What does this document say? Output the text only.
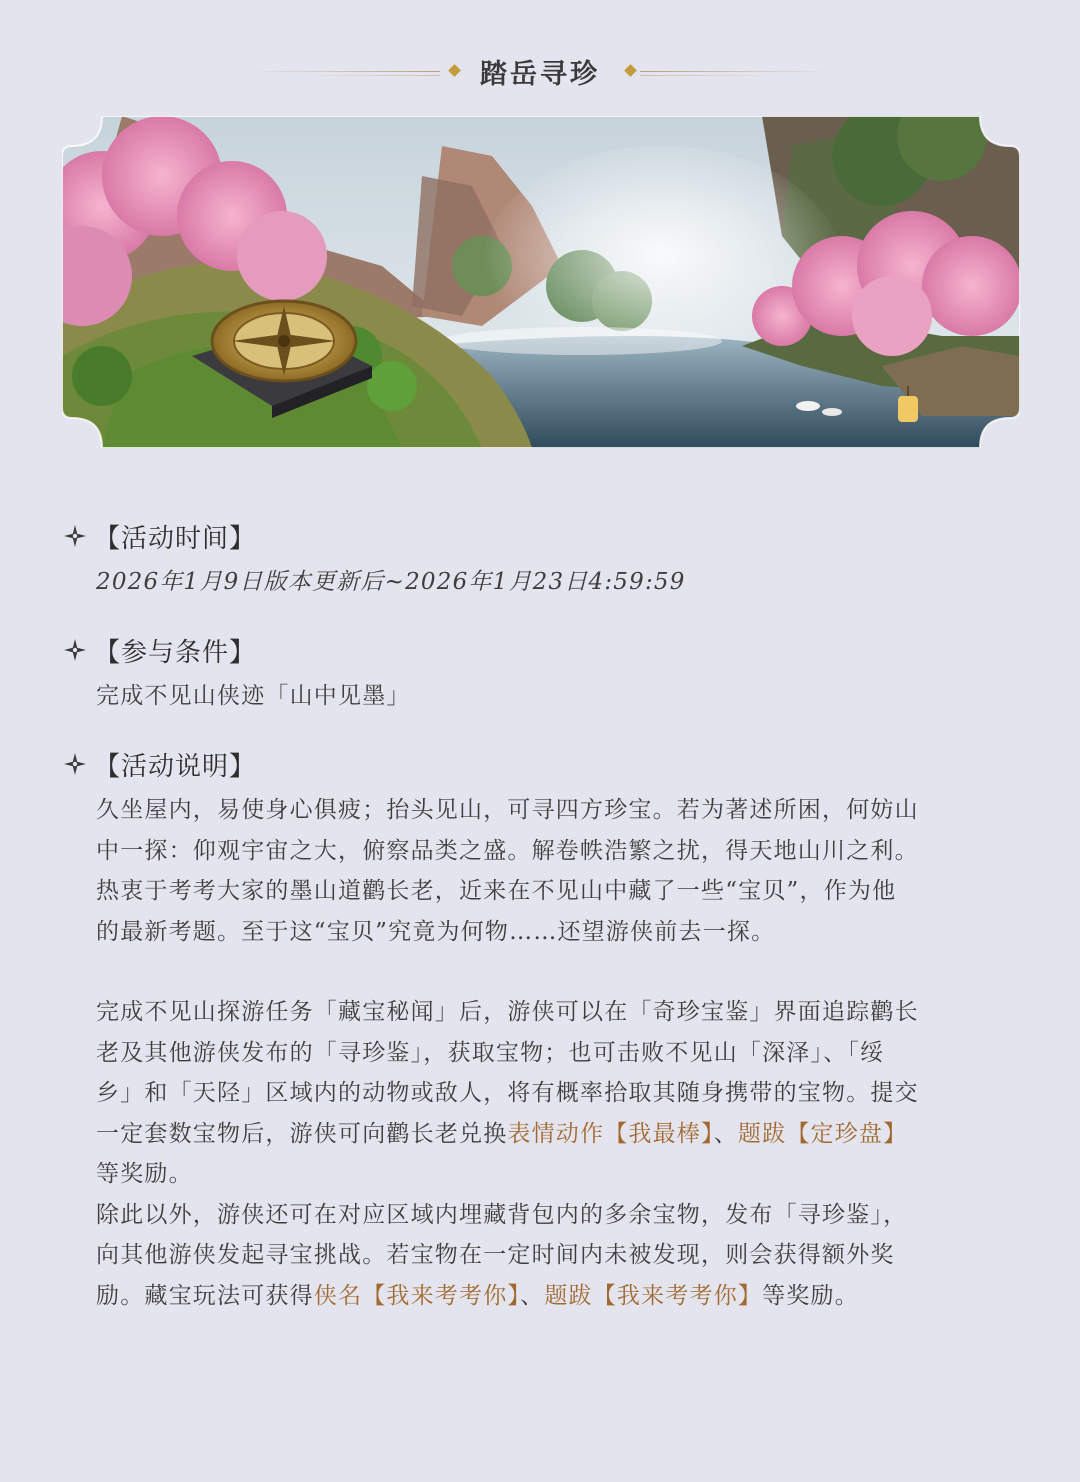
踏岳寻珍
【活动时间】
2026年1月9日版本更新后~2026年1月23日4:59:59
【参与条件】
完成不见山侠迹「山中见墨」
【活动说明】

久坐屋内，易使身心俱疲；抬头见山，可寻四方珍宝。若为著述所困，何妨山中一探：仰观宇宙之大，俯察品类之盛。解卷帙浩繁之扰，得天地山川之利。

热衷于考考大家的墨山道鹳长老，近来在不见山中藏了一些“宝贝”，作为他的最新考题。至于这“宝贝”究竟为何物……还望游侠前去一探。

完成不见山探游任务「藏宝秘闻」后，游侠可以在「奇珍宝鉴」界面追踪鹳长老及其他游侠发布的「寻珍鉴」，获取宝物；也可击败不见山「深泽」、「绥乡」和「天陉」区域内的动物或敌人，将有概率拾取其随身携带的宝物。提交一定套数宝物后，游侠可向鹳长老兑换表情动作【我最棒】、题跋【定珍盘】等奖励。

除此以外，游侠还可在对应区域内埋藏背包内的多余宝物，发布「寻珍鉴」，向其他游侠发起寻宝挑战。若宝物在一定时间内未被发现，则会获得额外奖励。藏宝玩法可获得侠名【我来考考你】、题跋【我来考考你】等奖励。
